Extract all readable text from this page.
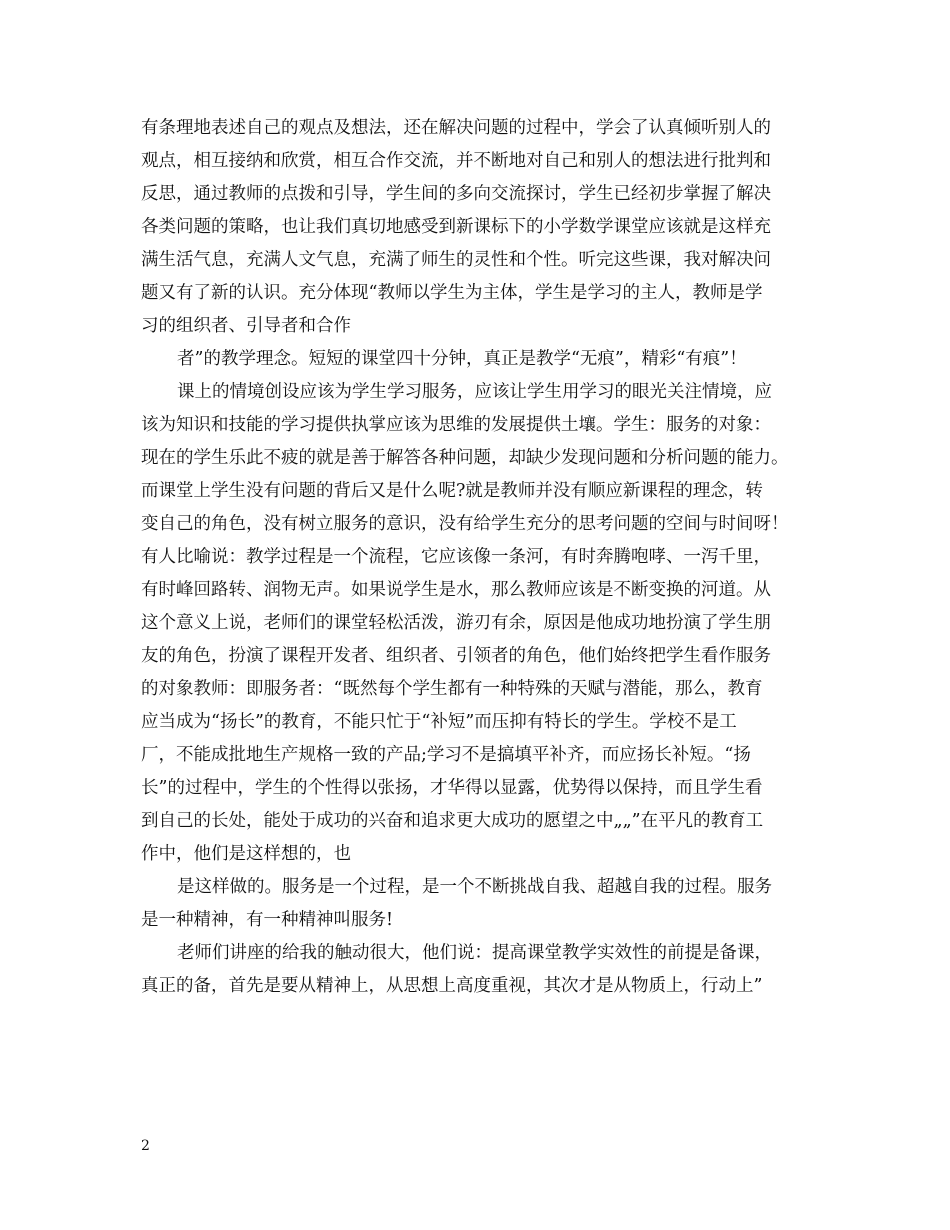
有条理地表述自己的观点及想法，还在解决问题的过程中，学会了认真倾听别人的
观点，相互接纳和欣赏，相互合作交流，并不断地对自己和别人的想法进行批判和
反思，通过教师的点拨和引导，学生间的多向交流探讨，学生已经初步掌握了解决
各类问题的策略，也让我们真切地感受到新课标下的小学数学课堂应该就是这样充
满生活气息，充满人文气息，充满了师生的灵性和个性。听完这些课，我对解决问
题又有了新的认识。充分体现“教师以学生为主体，学生是学习的主人，教师是学
习的组织者、引导者和合作
者”的教学理念。短短的课堂四十分钟，真正是教学“无痕”，精彩“有痕”！
课上的情境创设应该为学生学习服务，应该让学生用学习的眼光关注情境，应
该为知识和技能的学习提供执掌应该为思维的发展提供土壤。学生：服务的对象：
现在的学生乐此不疲的就是善于解答各种问题，却缺少发现问题和分析问题的能力。
而课堂上学生没有问题的背后又是什么呢?就是教师并没有顺应新课程的理念，转
变自己的角色，没有树立服务的意识，没有给学生充分的思考问题的空间与时间呀！
有人比喻说：教学过程是一个流程，它应该像一条河，有时奔腾咆哮、一泻千里，
有时峰回路转、润物无声。如果说学生是水，那么教师应该是不断变换的河道。从
这个意义上说，老师们的课堂轻松活泼，游刃有余，原因是他成功地扮演了学生朋
友的角色，扮演了课程开发者、组织者、引领者的角色，他们始终把学生看作服务
的对象教师：即服务者：“既然每个学生都有一种特殊的天赋与潜能，那么，教育
应当成为“扬长”的教育，不能只忙于“补短”而压抑有特长的学生。学校不是工
厂，不能成批地生产规格一致的产品;学习不是搞填平补齐，而应扬长补短。“扬
长”的过程中，学生的个性得以张扬，才华得以显露，优势得以保持，而且学生看
到自己的长处，能处于成功的兴奋和追求更大成功的愿望之中„„”在平凡的教育工
作中，他们是这样想的，也
是这样做的。服务是一个过程，是一个不断挑战自我、超越自我的过程。服务
是一种精神，有一种精神叫服务!
老师们讲座的给我的触动很大，他们说：提高课堂教学实效性的前提是备课，
真正的备，首先是要从精神上，从思想上高度重视，其次才是从物质上，行动上”
2
